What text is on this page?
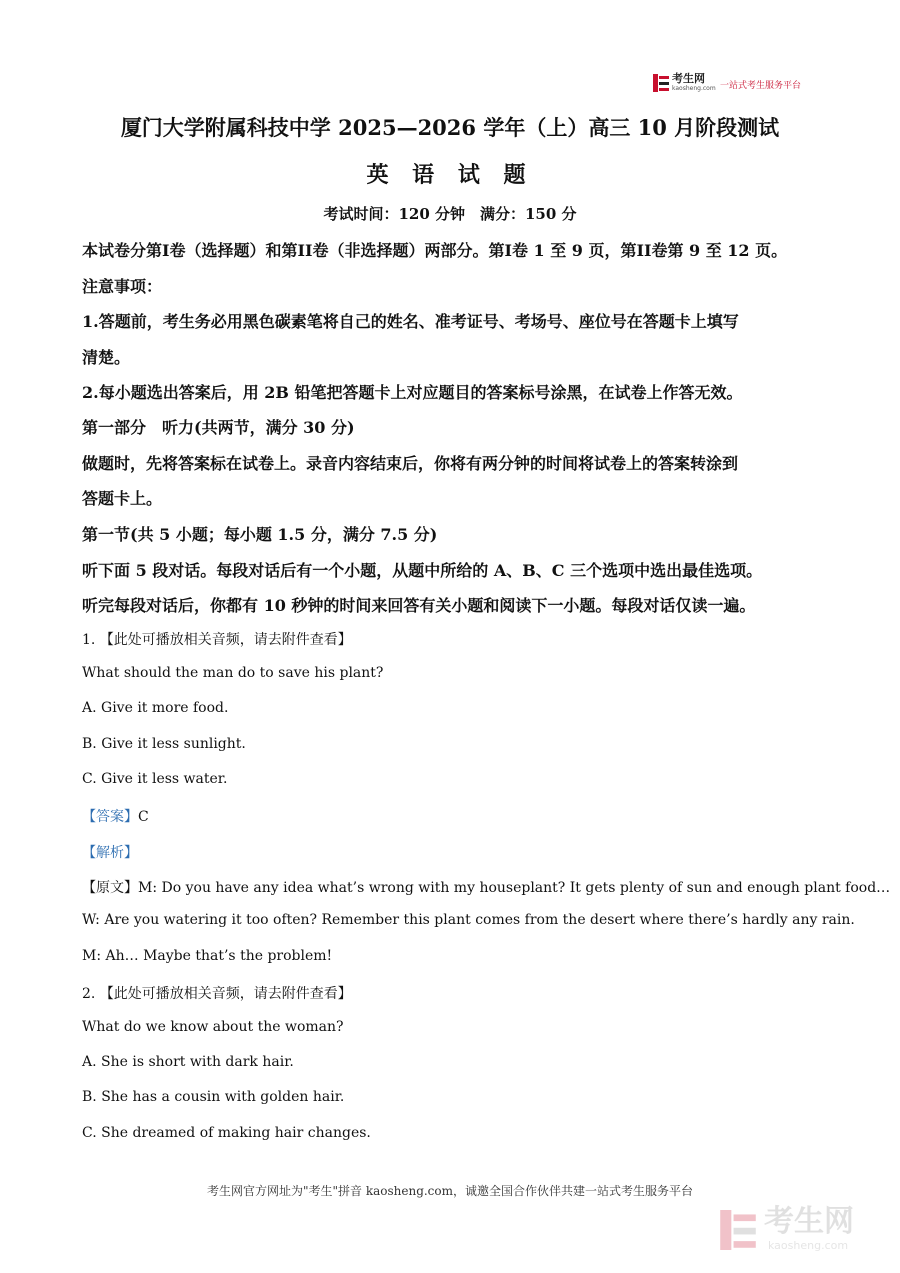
考生网
kaosheng.com 一站式考生服务平台
厦门大学附属科技中学 2025—2026 学年（上）高三 10 月阶段测试
英 语 试 题
考试时间：120 分钟　满分：150 分
本试卷分第I卷（选择题）和第II卷（非选择题）两部分。第I卷 1 至 9 页，第II卷第 9 至 12 页。
注意事项：
1.答题前，考生务必用黑色碳素笔将自己的姓名、准考证号、考场号、座位号在答题卡上填写
清楚。
2.每小题选出答案后，用 2B 铅笔把答题卡上对应题目的答案标号涂黑，在试卷上作答无效。
第一部分　听力(共两节，满分 30 分)
做题时，先将答案标在试卷上。录音内容结束后，你将有两分钟的时间将试卷上的答案转涂到
答题卡上。
第一节(共 5 小题；每小题 1.5 分，满分 7.5 分)
听下面 5 段对话。每段对话后有一个小题，从题中所给的 A、B、C 三个选项中选出最佳选项。
听完每段对话后，你都有 10 秒钟的时间来回答有关小题和阅读下一小题。每段对话仅读一遍。
1. 【此处可播放相关音频，请去附件查看】
What should the man do to save his plant?
A. Give it more food.
B. Give it less sunlight.
C. Give it less water.
【答案】C
【解析】
【原文】M: Do you have any idea what’s wrong with my houseplant? It gets plenty of sun and enough plant food…
W: Are you watering it too often? Remember this plant comes from the desert where there’s hardly any rain.
M: Ah… Maybe that’s the problem!
2. 【此处可播放相关音频，请去附件查看】
What do we know about the woman?
A. She is short with dark hair.
B. She has a cousin with golden hair.
C. She dreamed of making hair changes.
考生网官方网址为"考生"拼音 kaosheng.com，诚邀全国合作伙伴共建一站式考生服务平台
考生网
kaosheng.com
